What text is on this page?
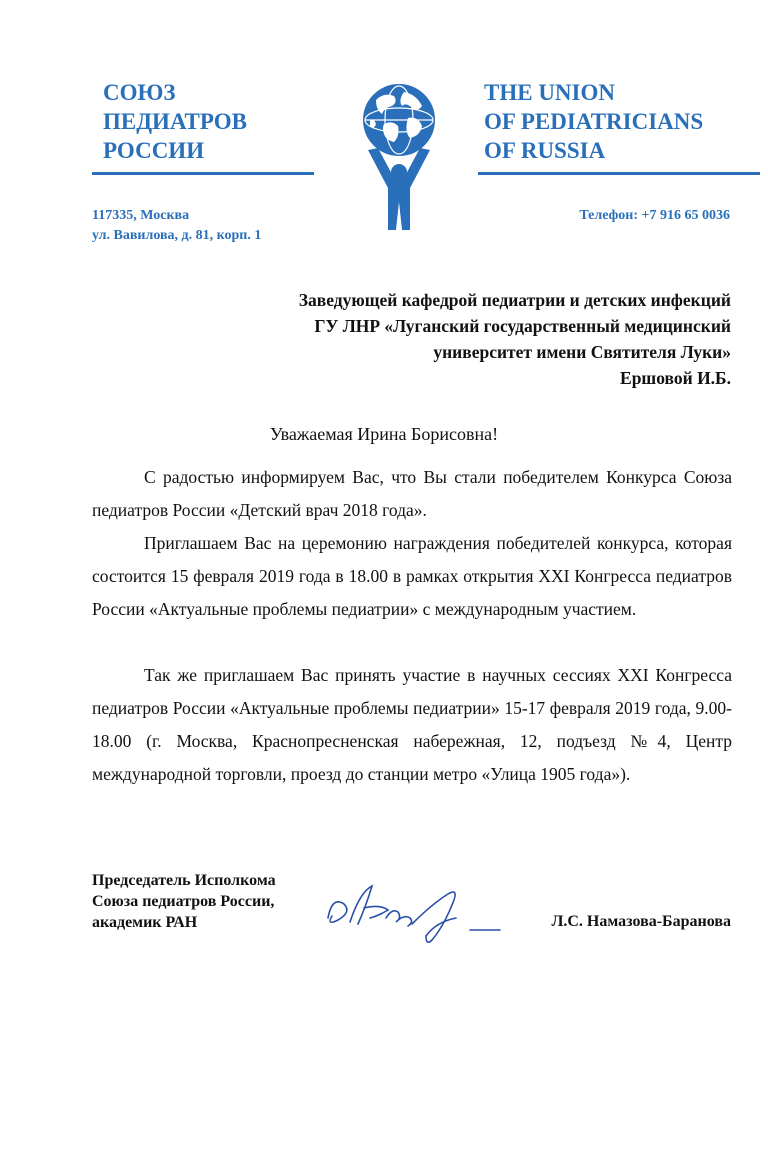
СОЮЗ
ПЕДИАТРОВ
РОССИИ
THE UNION
OF PEDIATRICIANS
OF RUSSIA
117335, Москва
ул. Вавилова, д. 81, корп. 1
Телефон: +7 916 65 0036
Заведующей кафедрой педиатрии и детских инфекций
ГУ ЛНР «Луганский государственный медицинский
университет имени Святителя Луки»
Ершовой И.Б.
Уважаемая Ирина Борисовна!

С радостью информируем Вас, что Вы стали победителем Конкурса Союза педиатров России «Детский врач 2018 года».

Приглашаем Вас на церемонию награждения победителей конкурса, которая состоится 15 февраля 2019 года в 18.00 в рамках открытия XXI Конгресса педиатров России «Актуальные проблемы педиатрии» с международным участием.

Так же приглашаем Вас принять участие в научных сессиях XXI Конгресса педиатров России «Актуальные проблемы педиатрии» 15-17 февраля 2019 года, 9.00-18.00 (г. Москва, Краснопресненская набережная, 12, подъезд №4, Центр международной торговли, проезд до станции метро «Улица 1905 года»).

Председатель Исполкома
Союза педиатров России,
академик РАН	Л.С. Намазова-Баранова
